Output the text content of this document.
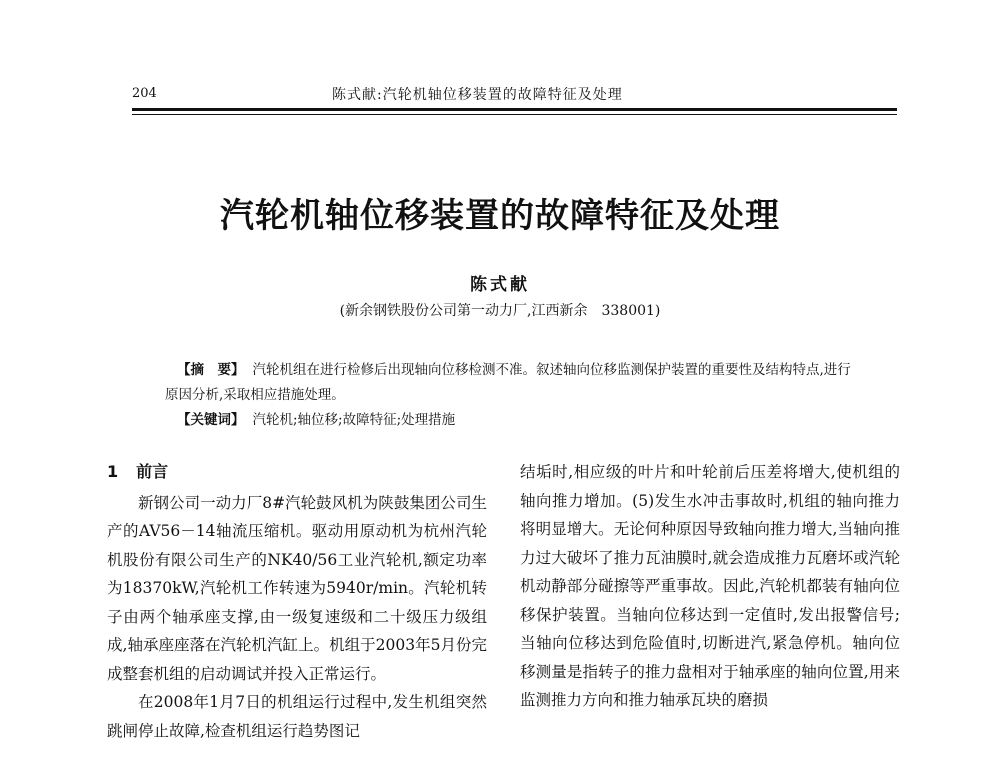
204	陈式献:汽轮机轴位移装置的故障特征及处理
汽轮机轴位移装置的故障特征及处理
陈式献
(新余钢铁股份公司第一动力厂,江西新余　338001)

【摘　要】 汽轮机组在进行检修后出现轴向位移检测不准。叙述轴向位移监测保护装置的重要性及结构特点,进行原因分析,采取相应措施处理。

【关键词】 汽轮机;轴位移;故障特征;处理措施
1 前言

新钢公司一动力厂8#汽轮鼓风机为陕鼓集团公司生产的AV56－14轴流压缩机。驱动用原动机为杭州汽轮机股份有限公司生产的NK40/56工业汽轮机,额定功率为18370kW,汽轮机工作转速为5940r/min。汽轮机转子由两个轴承座支撑,由一级复速级和二十级压力级组成,轴承座座落在汽轮机汽缸上。机组于2003年5月份完成整套机组的启动调试并投入正常运行。

在2008年1月7日的机组运行过程中,发生机组突然跳闸停止故障,检查机组运行趋势图记

结垢时,相应级的叶片和叶轮前后压差将增大,使机组的轴向推力增加。(5)发生水冲击事故时,机组的轴向推力将明显增大。无论何种原因导致轴向推力增大,当轴向推力过大破坏了推力瓦油膜时,就会造成推力瓦磨坏或汽轮机动静部分碰擦等严重事故。因此,汽轮机都装有轴向位移保护装置。当轴向位移达到一定值时,发出报警信号;当轴向位移达到危险值时,切断进汽,紧急停机。轴向位移测量是指转子的推力盘相对于轴承座的轴向位置,用来监测推力方向和推力轴承瓦块的磨损
